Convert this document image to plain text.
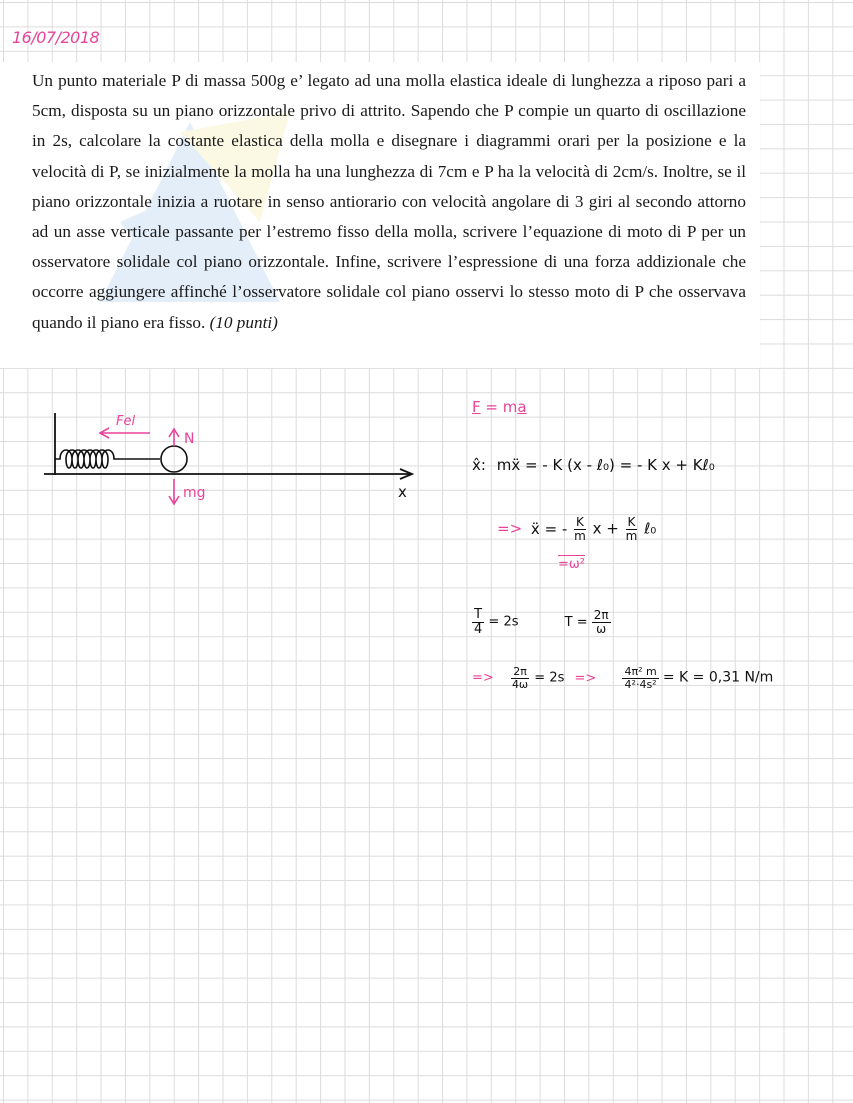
16/07/2018

Un punto materiale P di massa 500g e’ legato ad una molla elastica ideale di lunghezza a riposo pari a 5cm, disposta su un piano orizzontale privo di attrito. Sapendo che P compie un quarto di oscillazione in 2s, calcolare la costante elastica della molla e disegnare i diagrammi orari per la posizione e la velocità di P, se inizialmente la molla ha una lunghezza di 7cm e P ha la velocità di 2cm/s. Inoltre, se il piano orizzontale inizia a ruotare in senso antiorario con velocità angolare di 3 giri al secondo attorno ad un asse verticale passante per l’estremo fisso della molla, scrivere l’equazione di moto di P per un osservatore solidale col piano orizzontale. Infine, scrivere l’espressione di una forza addizionale che occorre aggiungere affinché l’osservatore solidale col piano osservi lo stesso moto di P che osservava quando il piano era fisso. (10 punti)

Fel
N
mg	x
F = ma
x̂: mẍ = - K (x - ℓ₀) = - K x + Kℓ₀
=> ẍ = - $\frac{K}{m}$ $x + \frac{K}{m}$ ℓ₀
=ω²
$\frac{T}{4} = 2s$	$T = \frac{2\pi}{\omega}$
=> $\frac{2\pi}{4\omega} = 2s => \frac{\text{4π² m}}{\text{4²·4s²}} = K = 0,31$ N/m
